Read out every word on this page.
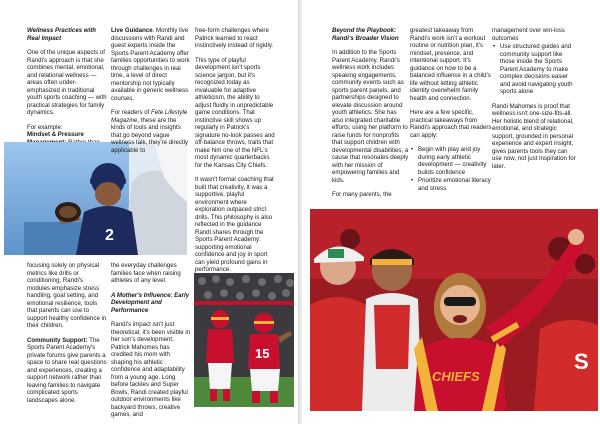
Wellness Practices with Real Impact

One of the unique aspects of Randi's approach is that she combines mental, emotional, and relational wellness — areas often under-emphasized in traditional youth sports coaching — with practical strategies for family dynamics.

For example:
Mindset & Pressure
2

focusing solely on physical metrics like drills or conditioning, Randi's modules emphasize stress handling, goal setting, and emotional resilience, tools that parents can use to support healthy confidence in their children.

Community Support: The Sports Parent Academy's private forums give parents a space to share real questions and experiences, creating a support network rather than leaving families to navigate complicated sports landscapes alone.

Live Guidance. Monthly live discussions with Randi and guest experts inside the Sports Parent Academy offer families opportunities to work through challenges in real time, a level of direct mentorship not typically available in generic wellness courses.

For readers of Fete Lifestyle Magazine, these are the kinds of tools and insights that go beyond vague wellness talk, they're directly applicable to

the everyday challenges families face when raising athletes of any level.

A Mother's Influence: Early Development and Performance

Randi's impact isn't just theoretical; it's been visible in her son's development. Patrick Mahomes has credited his mom with shaping his athletic confidence and adaptability from a young age. Long before tackles and Super Bowls, Randi created playful outdoor environments like backyard throws, creative games, and

free-form challenges where Patrick learned to react instinctively instead of rigidly.

This type of playful development isn't sports science jargon, but it's recognized today as invaluable for adaptive athleticism, the ability to adjust fluidly in unpredictable game conditions. That instinctive skill shows up regularly in Patrick's signature no-look passes and off-balance throws, traits that make him one of the NFL's most dynamic quarterbacks for the Kansas City Chiefs.

It wasn't formal coaching that built that creativity, it was a supportive, playful environment where exploration outpaced strict drills. This philosophy is also reflected in the guidance Randi shares through the Sports Parent Academy: supporting emotional confidence and joy in sport can yield profound gains in performance.

15
Beyond the Playbook: Randi's Broader Vision

In addition to the Sports Parent Academy, Randi's wellness work includes speaking engagements, community events such as sports parent panels, and partnerships designed to elevate discussion around youth athletics. She has also integrated charitable efforts, using her platform to raise funds for nonprofits that support children with developmental disabilities, a cause that resonates deeply with her mission of empowering families and kids.

For many parents, the

greatest takeaway from Randi's work isn't a workout routine or nutrition plan, it's mindset, presence, and intentional support. It's guidance on how to be a balanced influence in a child's life without letting athletic identity overwhelm family health and connection.

Here are a few specific, practical takeaways from Randi's approach that readers can apply:

• Begin with play and joy during early athletic development — creativity builds confidence
• Prioritize emotional literacy and stress

management over win-loss outcomes

• Use structured guides and community support like those inside the Sports Parent Academy to make complex decisions easier and avoid navigating youth sports alone

Randi Mahomes is proof that wellness isn't one-size-fits-all. Her holistic blend of relational, emotional, and strategic support, grounded in personal experience and expert insight, gives parents tools they can use now, not just inspiration for later.

CHIEFS
S
